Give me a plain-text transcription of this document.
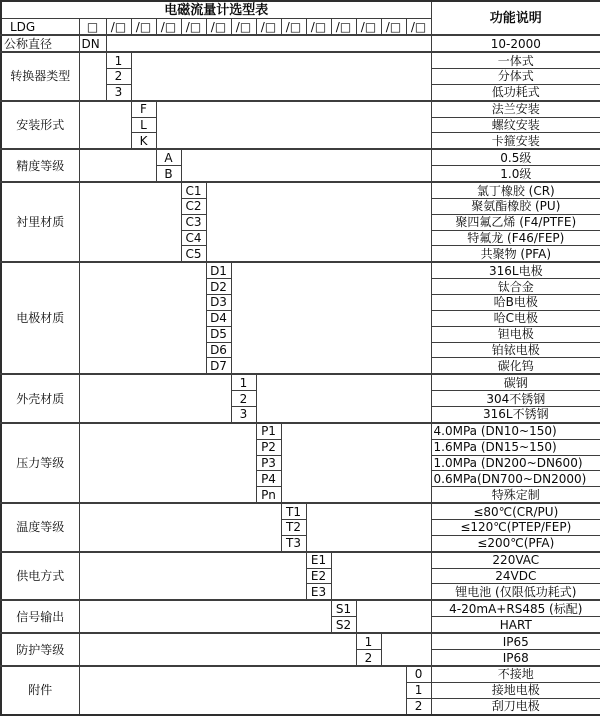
电磁流量计选型表															功能说明
LDG	□	/□	/□	/□	/□	/□	/□	/□	/□	/□	/□	/□	/□	/□	
公称直径	DN														10-2000
转换器类型		1													一体式
		2													分体式
		3													低功耗式
安装形式			F												法兰安装
			L												螺纹安装
			K												卡箍安装
精度等级				A											0.5级
				B											1.0级
衬里材质					C1										氯丁橡胶 (CR)
					C2										聚氨酯橡胶 (PU)
					C3										聚四氟乙烯 (F4/PTFE)
					C4										特氟龙 (F46/FEP)
					C5										共聚物 (PFA)
电极材质						D1									316L电极
						D2									钛合金
						D3									哈B电极
						D4									哈C电极
						D5									钽电极
						D6									铂铱电极
						D7									碳化钨
外壳材质							1								碳钢
							2								304不锈钢
							3								316L不锈钢
压力等级								P1							4.0MPa (DN10~150)
								P2							1.6MPa (DN15~150)
								P3							1.0MPa (DN200~DN600)
								P4							0.6MPa(DN700~DN2000)
								Pn							特殊定制
温度等级									T1						≤80℃(CR/PU)
									T2						≤120℃(PTEP/FEP)
									T3						≤200℃(PFA)
供电方式										E1					220VAC
										E2					24VDC
										E3					锂电池 (仅限低功耗式)
信号输出											S1				4-20mA+RS485 (标配)
											S2				HART
防护等级												1			IP65
												2			IP68
附件														0	不接地
														1	接地电极
														2	刮刀电极
